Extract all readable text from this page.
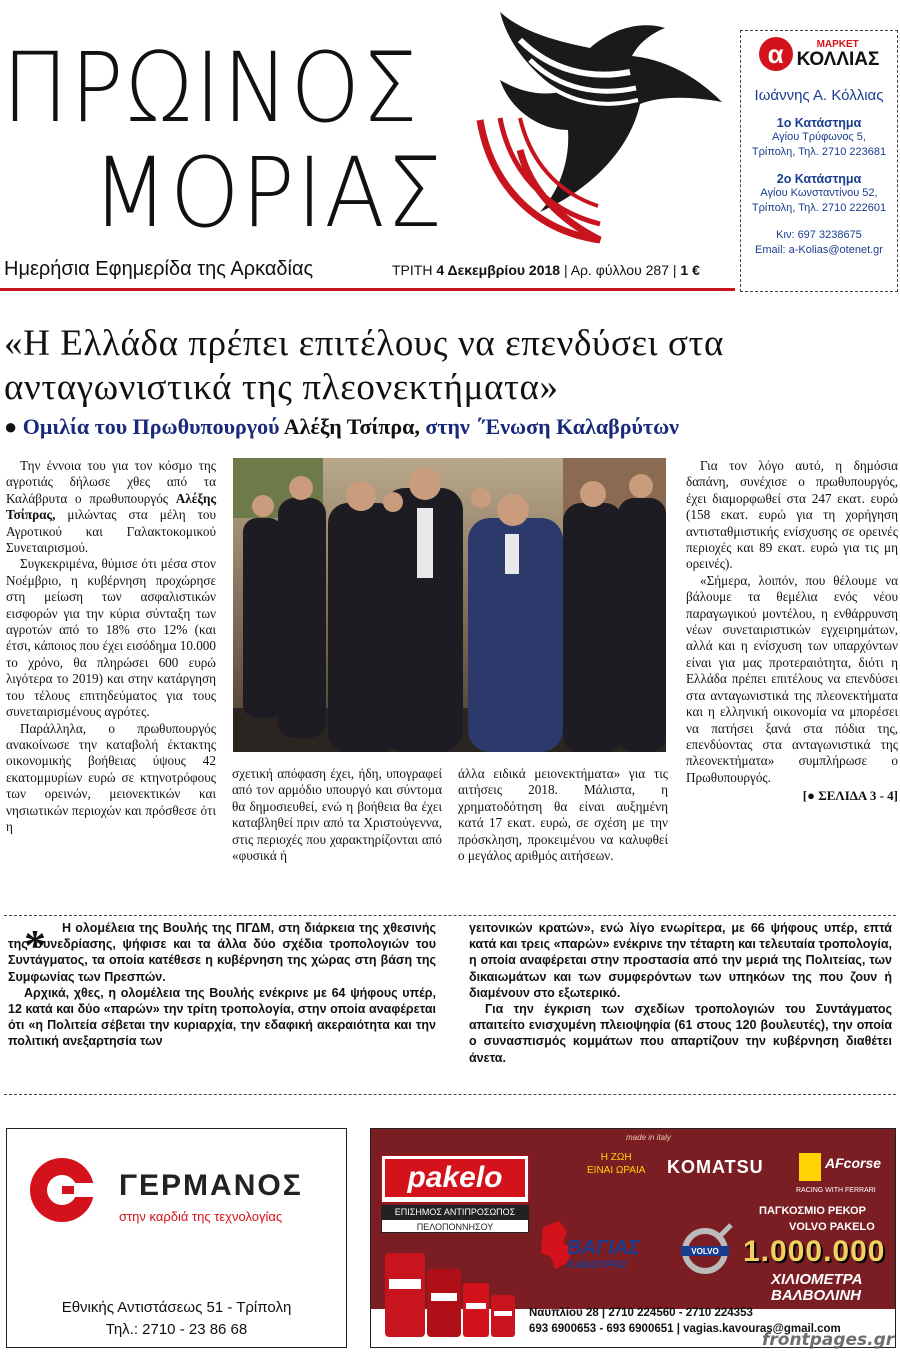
ΠΡΩΙΝΟΣ
ΜΟΡΙΑΣ
Ημερήσια Εφημερίδα της Αρκαδίας	ΤΡΙΤΗ 4 Δεκεμβρίου 2018 | Αρ. φύλλου 287 | 1 €
α	ΜΑΡΚΕΤ
ΚΟΛΛΙΑΣ
Ιωάννης Α. Κόλλιας
1ο Κατάστημα
Αγίου Τρύφωνος 5,
Τρίπολη, Τηλ. 2710 223681
2ο Κατάστημα
Αγίου Κωνσταντίνου 52,
Τρίπολη, Τηλ. 2710 222601
Κιν: 697 3238675
Email: a-Kolias@otenet.gr
«Η Ελλάδα πρέπει επιτέλους να επενδύσει στα ανταγωνιστικά της πλεονεκτήματα»
● Ομιλία του Πρωθυπουργού Αλέξη Τσίπρα, στην ΄Ένωση Καλαβρύτων

Την έννοια του για τον κόσμο της αγροτιάς δήλωσε χθες από τα Καλάβρυτα ο πρωθυπουργός Αλέξης Τσίπρας, μιλώντας στα μέλη του Αγροτικού και Γαλακτοκομικού Συνεταιρισμού.

Συγκεκριμένα, θύμισε ότι μέσα στον Νοέμβριο, η κυβέρνηση προχώρησε στη μείωση των ασφαλιστικών εισφορών για την κύρια σύνταξη των αγροτών από το 18% στο 12% (και έτσι, κάποιος που έχει εισόδημα 10.000 το χρόνο, θα πληρώσει 600 ευρώ λιγότερα το 2019) και στην κατάργηση του τέλους επιτηδεύματος για τους συνεταιρισμένους αγρότες.

Παράλληλα, ο πρωθυπουργός ανακοίνωσε την καταβολή έκτακτης οικονομικής βοήθειας ύψους 42 εκατομμυρίων ευρώ σε κτηνοτρόφους των ορεινών, μειονεκτικών και νησιωτικών περιοχών και πρόσθεσε ότι η

σχετική απόφαση έχει, ήδη, υπογραφεί από τον αρμόδιο υπουργό και σύντομα θα δημοσιευθεί, ενώ η βοήθεια θα έχει καταβληθεί πριν από τα Χριστούγεννα, στις περιοχές που χαρακτηρίζονται από «φυσικά ή

άλλα ειδικά μειονεκτήματα» για τις αιτήσεις 2018. Μάλιστα, η χρηματοδότηση θα είναι αυξημένη κατά 17 εκατ. ευρώ, σε σχέση με την πρόσκληση, προκειμένου να καλυφθεί ο μεγάλος αριθμός αιτήσεων.

Για τον λόγο αυτό, η δημόσια δαπάνη, συνέχισε ο πρωθυπουργός, έχει διαμορφωθεί στα 247 εκατ. ευρώ (158 εκατ. ευρώ για τη χορήγηση αντισταθμιστικής ενίσχυσης σε ορεινές περιοχές και 89 εκατ. ευρώ για τις μη ορεινές).

«Σήμερα, λοιπόν, που θέλουμε να βάλουμε τα θεμέλια ενός νέου παραγωγικού μοντέλου, η ενθάρρυνση νέων συνεταιριστικών εγχειρημάτων, αλλά και η ενίσχυση των υπαρχόντων είναι για μας προτεραιότητα, διότι η Ελλάδα πρέπει επιτέλους να επενδύσει στα ανταγωνιστικά της πλεονεκτήματα και η ελληνική οικονομία να μπορέσει να πατήσει ξανά στα πόδια της, επενδύοντας στα ανταγωνιστικά της πλεονεκτήματα» συμπλήρωσε ο Πρωθυπουργός.

[● ΣΕΛΙΔΑ 3 - 4]
*	Η ολομέλεια της Βουλής της ΠΓΔΜ, στη διάρκεια της χθεσινής της συνεδρίασης, ψήφισε και τα άλλα δύο σχέδια τροπολογιών του Συντάγματος, τα οποία κατέθεσε η κυβέρνηση της χώρας στη βάση της Συμφωνίας των Πρεσπών.

Αρχικά, χθες, η ολομέλεια της Βουλής ενέκρινε με 64 ψήφους υπέρ, 12 κατά και δύο «παρών» την τρίτη τροπολογία, στην οποία αναφέρεται ότι «η Πολιτεία σέβεται την κυριαρχία, την εδαφική ακεραιότητα και την πολιτική ανεξαρτησία των

γειτονικών κρατών», ενώ λίγο ενωρίτερα, με 66 ψήφους υπέρ, επτά κατά και τρεις «παρών» ενέκρινε την τέταρτη και τελευταία τροπολογία, η οποία αναφέρεται στην προστασία από την μεριά της Πολιτείας, των δικαιωμάτων και των συμφερόντων των υπηκόων της που ζουν ή διαμένουν στο εξωτερικό.

Για την έγκριση των σχεδίων τροπολογιών του Συντάγματος απαιτείτο ενισχυμένη πλειοψηφία (61 στους 120 βουλευτές), την οποία ο συνασπισμός κομμάτων που απαρτίζουν την κυβέρνηση διαθέτει άνετα.

ΓΕΡΜΑΝΟΣ
στην καρδιά της τεχνολογίας
Εθνικής Αντιστάσεως 51 - Τρίπολη
Τηλ.: 2710 - 23 86 68
made in italy
pakelo
ΕΠΙΣΗΜΟΣ ΑΝΤΙΠΡΟΣΩΠΟΣ
ΠΕΛΟΠΟΝΝΗΣΟΥ
Η ΖΩΗ
ΕΙΝΑΙ ΩΡΑΙΑ KOMATSU	AFcorse
RACING WITH FERRARI
ΠΑΓΚΟΣΜΙΟ ΡΕΚΟΡ
VOLVO PAKELO
1.000.000
ΧΙΛΙΟΜΕΤΡΑ
ΒΑΛΒΟΛΙΝΗ
ΒΑΓΙΑΣ
ΚΑΒΟΥΡΑΣ
VOLVO
Ναυπλίου 28 | 2710 224560 - 2710 224353
693 6900653 - 693 6900651 | vagias.kavouras@gmail.com
frontpages.gr
